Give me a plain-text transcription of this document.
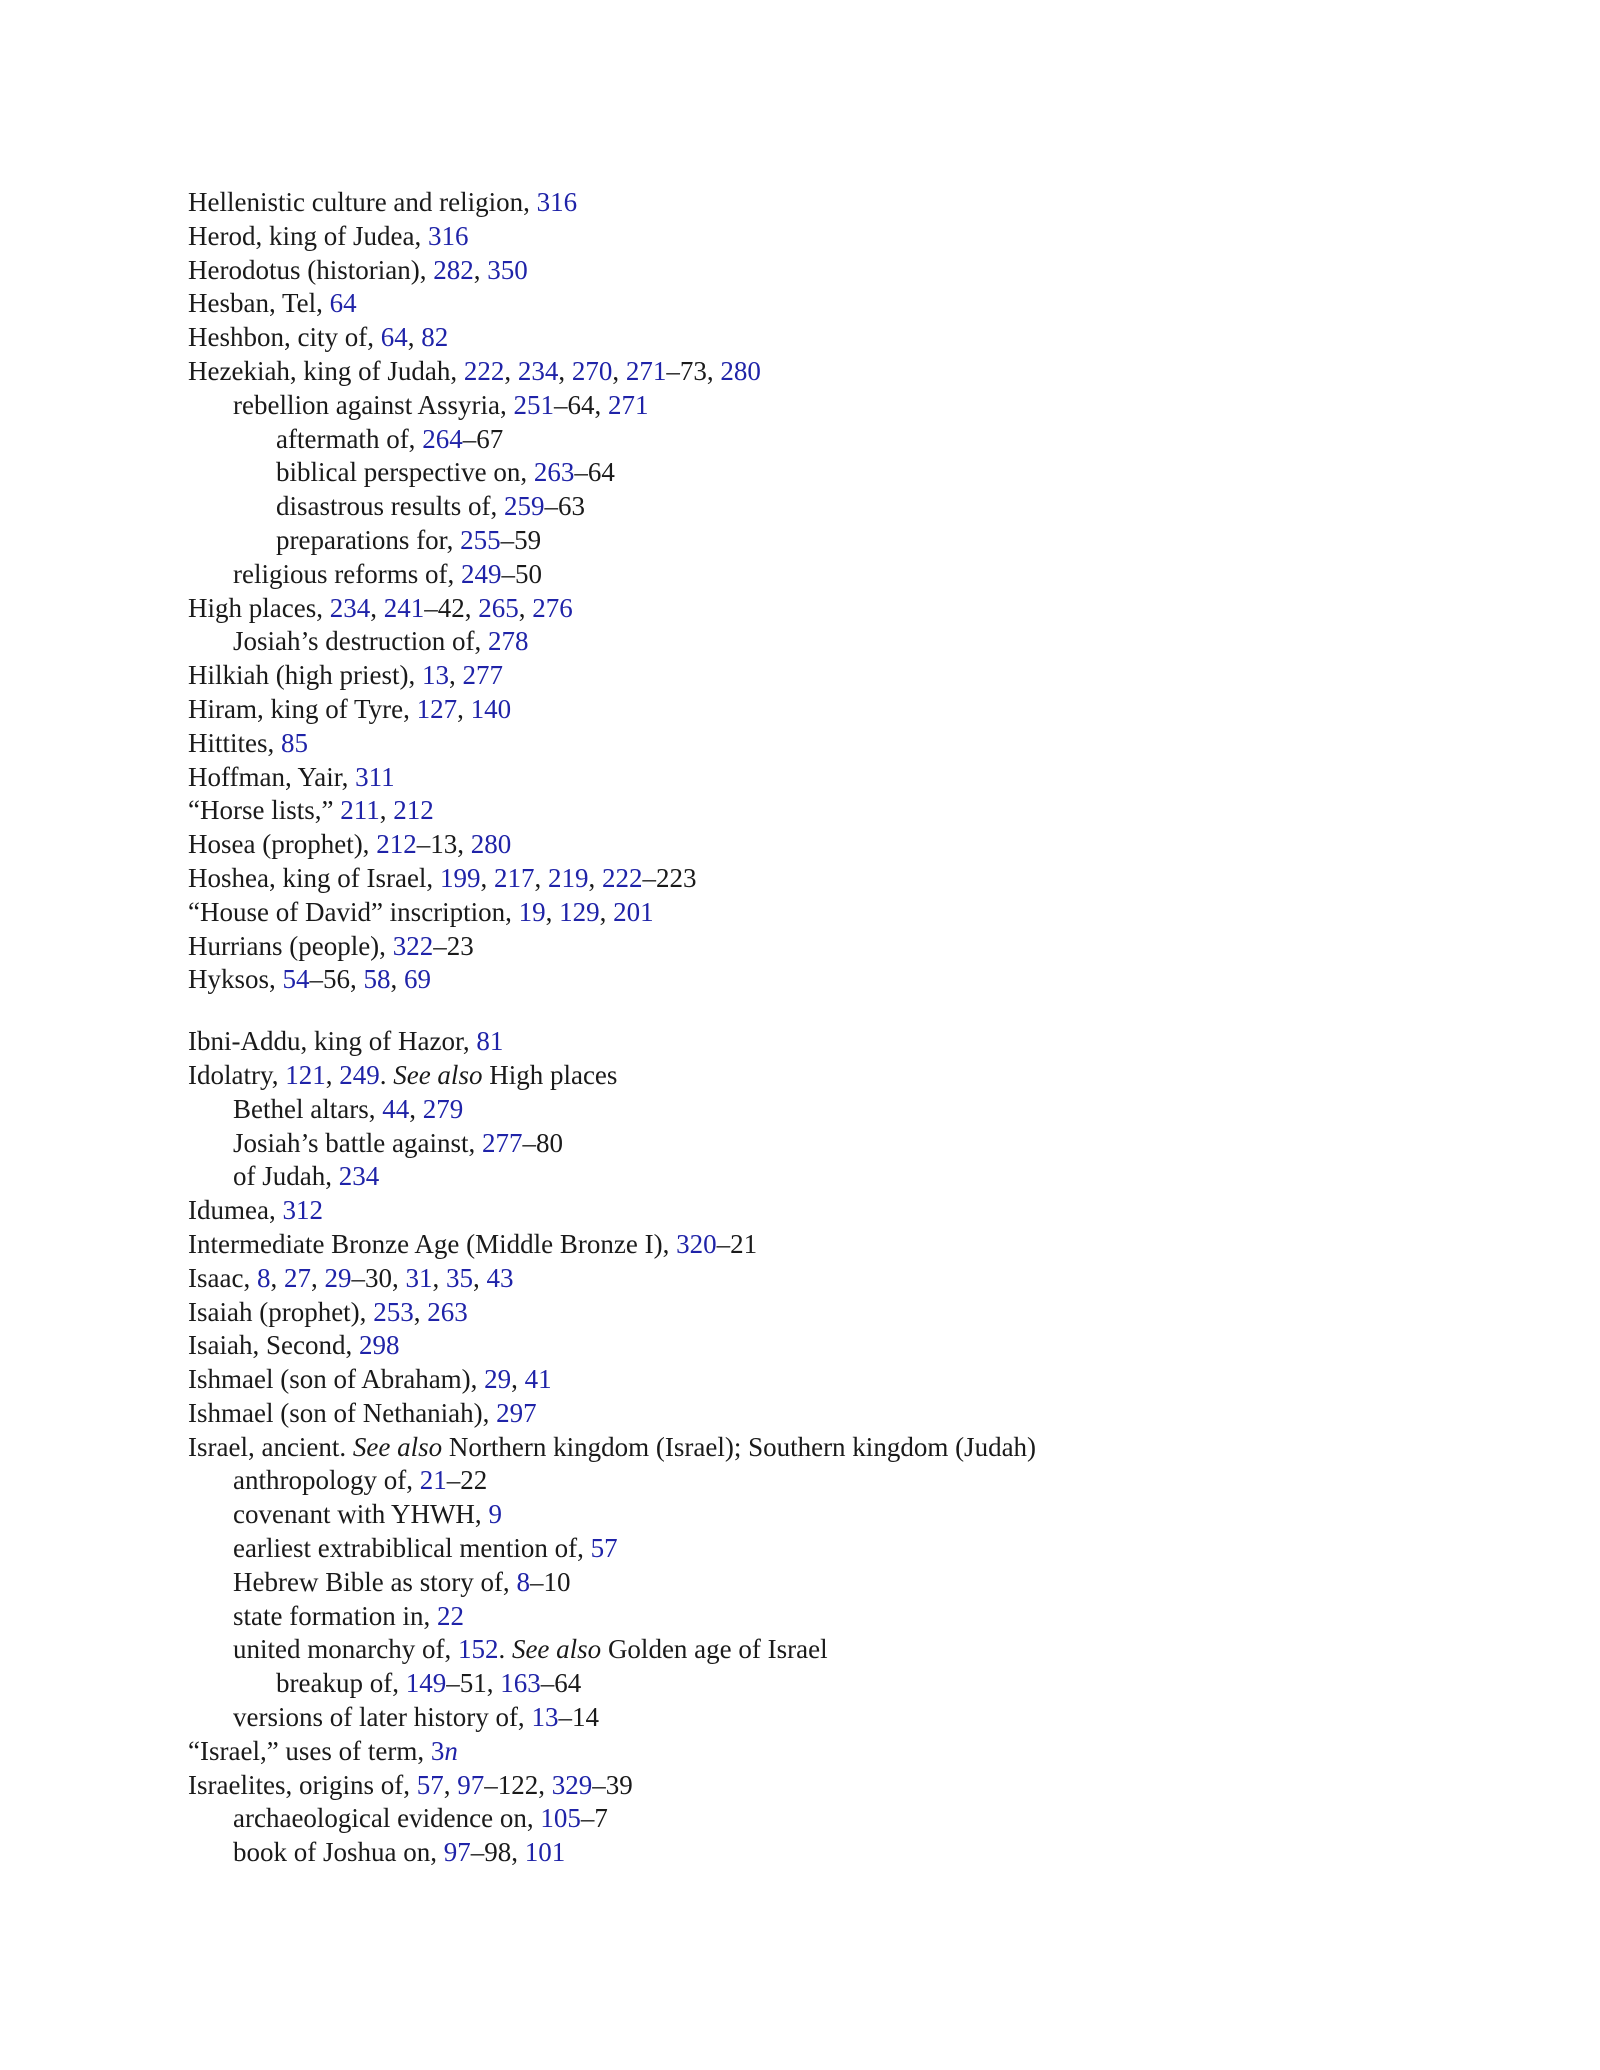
Hellenistic culture and religion, 316
Herod, king of Judea, 316
Herodotus (historian), 282, 350
Hesban, Tel, 64
Heshbon, city of, 64, 82
Hezekiah, king of Judah, 222, 234, 270, 271–73, 280
rebellion against Assyria, 251–64, 271
aftermath of, 264–67
biblical perspective on, 263–64
disastrous results of, 259–63
preparations for, 255–59
religious reforms of, 249–50
High places, 234, 241–42, 265, 276
Josiah’s destruction of, 278
Hilkiah (high priest), 13, 277
Hiram, king of Tyre, 127, 140
Hittites, 85
Hoffman, Yair, 311
“Horse lists,” 211, 212
Hosea (prophet), 212–13, 280
Hoshea, king of Israel, 199, 217, 219, 222–223
“House of David” inscription, 19, 129, 201
Hurrians (people), 322–23
Hyksos, 54–56, 58, 69
Ibni-Addu, king of Hazor, 81
Idolatry, 121, 249. See also High places
Bethel altars, 44, 279
Josiah’s battle against, 277–80
of Judah, 234
Idumea, 312
Intermediate Bronze Age (Middle Bronze I), 320–21
Isaac, 8, 27, 29–30, 31, 35, 43
Isaiah (prophet), 253, 263
Isaiah, Second, 298
Ishmael (son of Abraham), 29, 41
Ishmael (son of Nethaniah), 297
Israel, ancient. See also Northern kingdom (Israel); Southern kingdom (Judah)
anthropology of, 21–22
covenant with YHWH, 9
earliest extrabiblical mention of, 57
Hebrew Bible as story of, 8–10
state formation in, 22
united monarchy of, 152. See also Golden age of Israel
breakup of, 149–51, 163–64
versions of later history of, 13–14
“Israel,” uses of term, 3n
Israelites, origins of, 57, 97–122, 329–39
archaeological evidence on, 105–7
book of Joshua on, 97–98, 101
